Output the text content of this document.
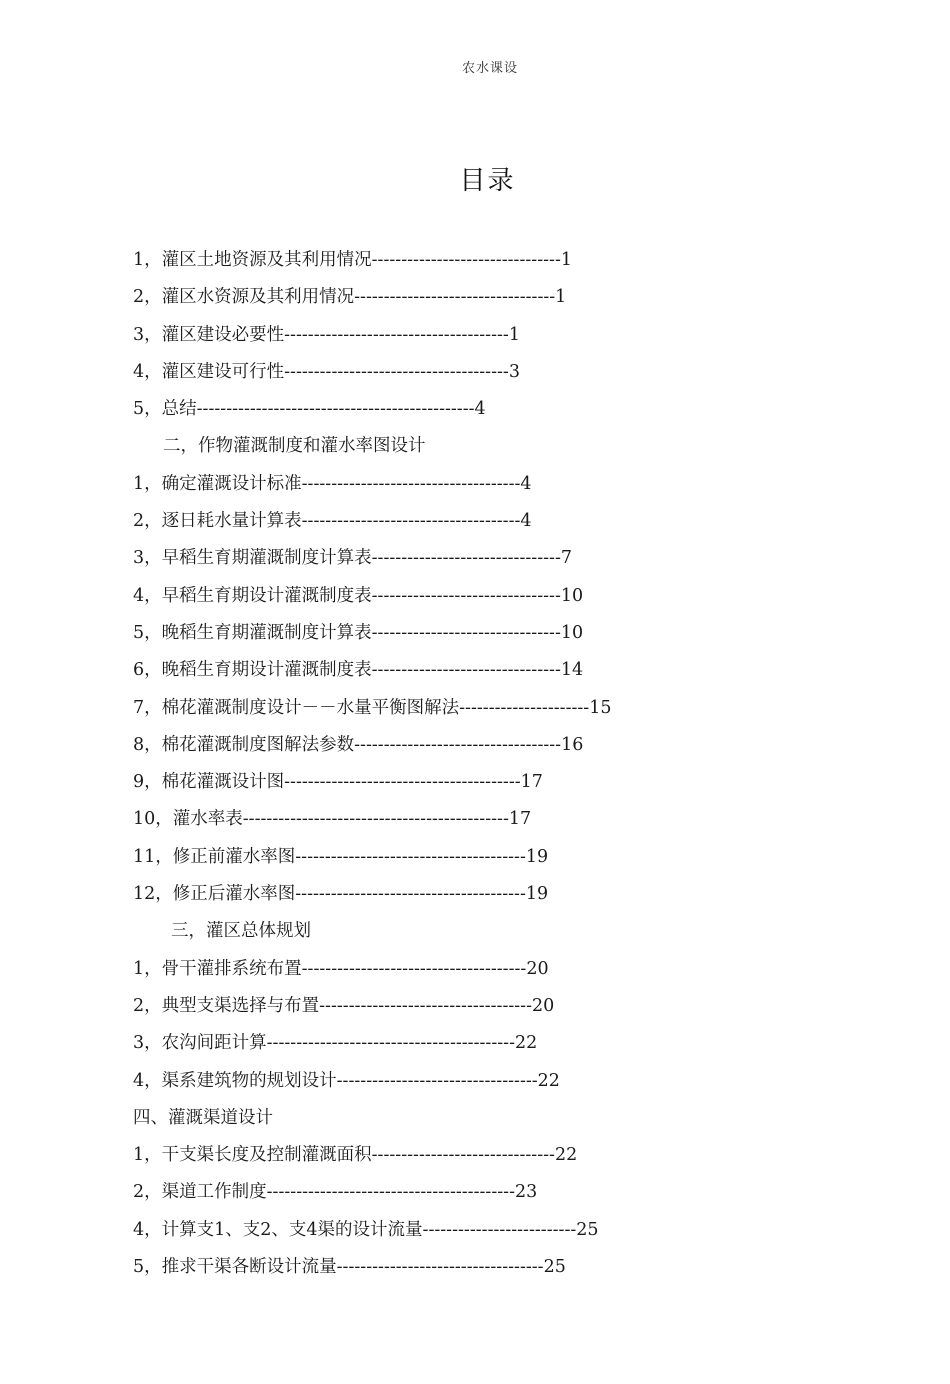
农水课设
目录
1，灌区土地资源及其利用情况--------------------------------1
2，灌区水资源及其利用情况----------------------------------1
3，灌区建设必要性--------------------------------------1
4，灌区建设可行性--------------------------------------3
5，总结-----------------------------------------------4
二，作物灌溉制度和灌水率图设计
1，确定灌溉设计标准-------------------------------------4
2，逐日耗水量计算表-------------------------------------4
3，早稻生育期灌溉制度计算表--------------------------------7
4，早稻生育期设计灌溉制度表--------------------------------10
5，晚稻生育期灌溉制度计算表--------------------------------10
6，晚稻生育期设计灌溉制度表--------------------------------14
7，棉花灌溉制度设计－－水量平衡图解法----------------------15
8，棉花灌溉制度图解法参数-----------------------------------16
9，棉花灌溉设计图----------------------------------------17
10，灌水率表---------------------------------------------17
11，修正前灌水率图---------------------------------------19
12，修正后灌水率图---------------------------------------19
三，灌区总体规划
1，骨干灌排系统布置--------------------------------------20
2，典型支渠选择与布置------------------------------------20
3，农沟间距计算------------------------------------------22
4，渠系建筑物的规划设计----------------------------------22
四、灌溉渠道设计
1，干支渠长度及控制灌溉面积-------------------------------22
2，渠道工作制度------------------------------------------23
4，计算支1、支2、支4渠的设计流量--------------------------25
5，推求干渠各断设计流量-----------------------------------25
